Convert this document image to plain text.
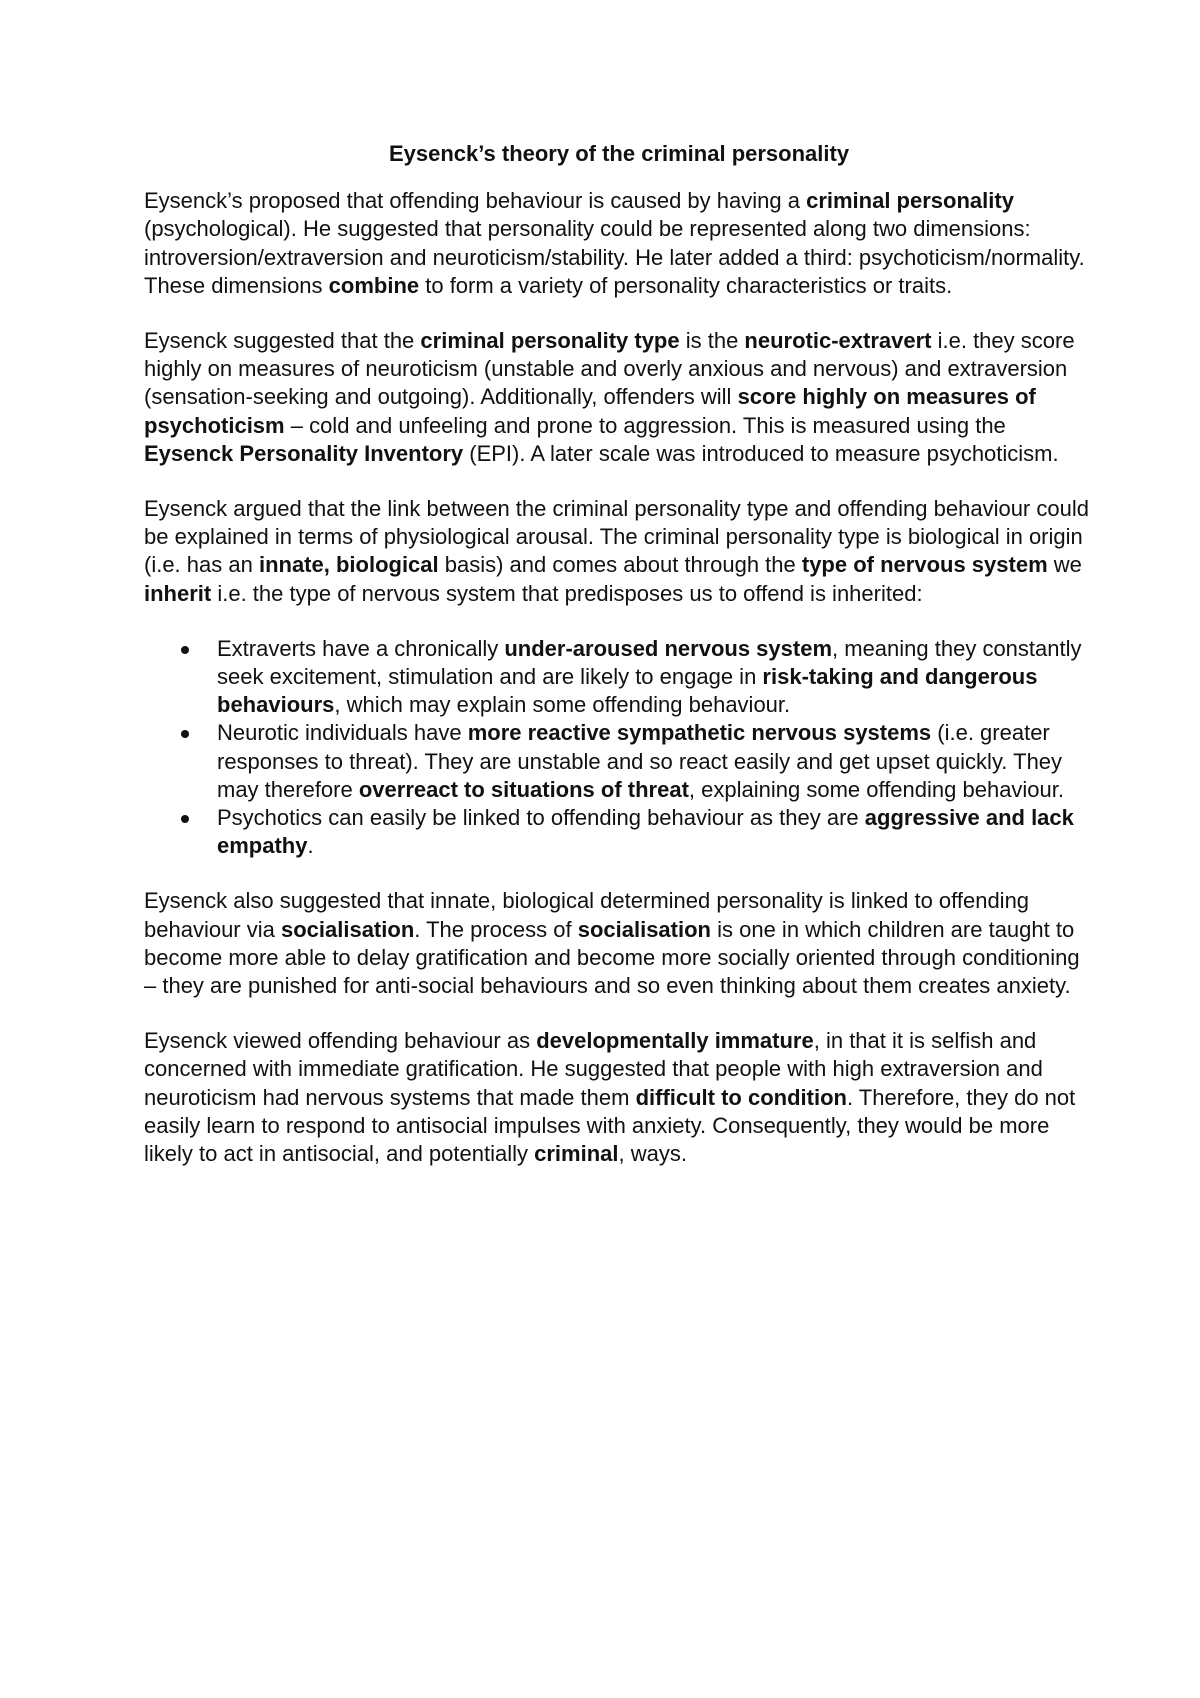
Eysenck’s theory of the criminal personality

Eysenck’s proposed that offending behaviour is caused by having a criminal personality (psychological). He suggested that personality could be represented along two dimensions: introversion/extraversion and neuroticism/stability. He later added a third: psychoticism/normality. These dimensions combine to form a variety of personality characteristics or traits.

Eysenck suggested that the criminal personality type is the neurotic-extravert i.e. they score highly on measures of neuroticism (unstable and overly anxious and nervous) and extraversion (sensation-seeking and outgoing). Additionally, offenders will score highly on measures of psychoticism – cold and unfeeling and prone to aggression. This is measured using the Eysenck Personality Inventory (EPI). A later scale was introduced to measure psychoticism.

Eysenck argued that the link between the criminal personality type and offending behaviour could be explained in terms of physiological arousal. The criminal personality type is biological in origin (i.e. has an innate, biological basis) and comes about through the type of nervous system we inherit i.e. the type of nervous system that predisposes us to offend is inherited:

Extraverts have a chronically under-aroused nervous system, meaning they constantly seek excitement, stimulation and are likely to engage in risk-taking and dangerous behaviours, which may explain some offending behaviour.
Neurotic individuals have more reactive sympathetic nervous systems (i.e. greater responses to threat). They are unstable and so react easily and get upset quickly. They may therefore overreact to situations of threat, explaining some offending behaviour.
Psychotics can easily be linked to offending behaviour as they are aggressive and lack empathy.

Eysenck also suggested that innate, biological determined personality is linked to offending behaviour via socialisation. The process of socialisation is one in which children are taught to become more able to delay gratification and become more socially oriented through conditioning – they are punished for anti-social behaviours and so even thinking about them creates anxiety.

Eysenck viewed offending behaviour as developmentally immature, in that it is selfish and concerned with immediate gratification. He suggested that people with high extraversion and neuroticism had nervous systems that made them difficult to condition. Therefore, they do not easily learn to respond to antisocial impulses with anxiety. Consequently, they would be more likely to act in antisocial, and potentially criminal, ways.
